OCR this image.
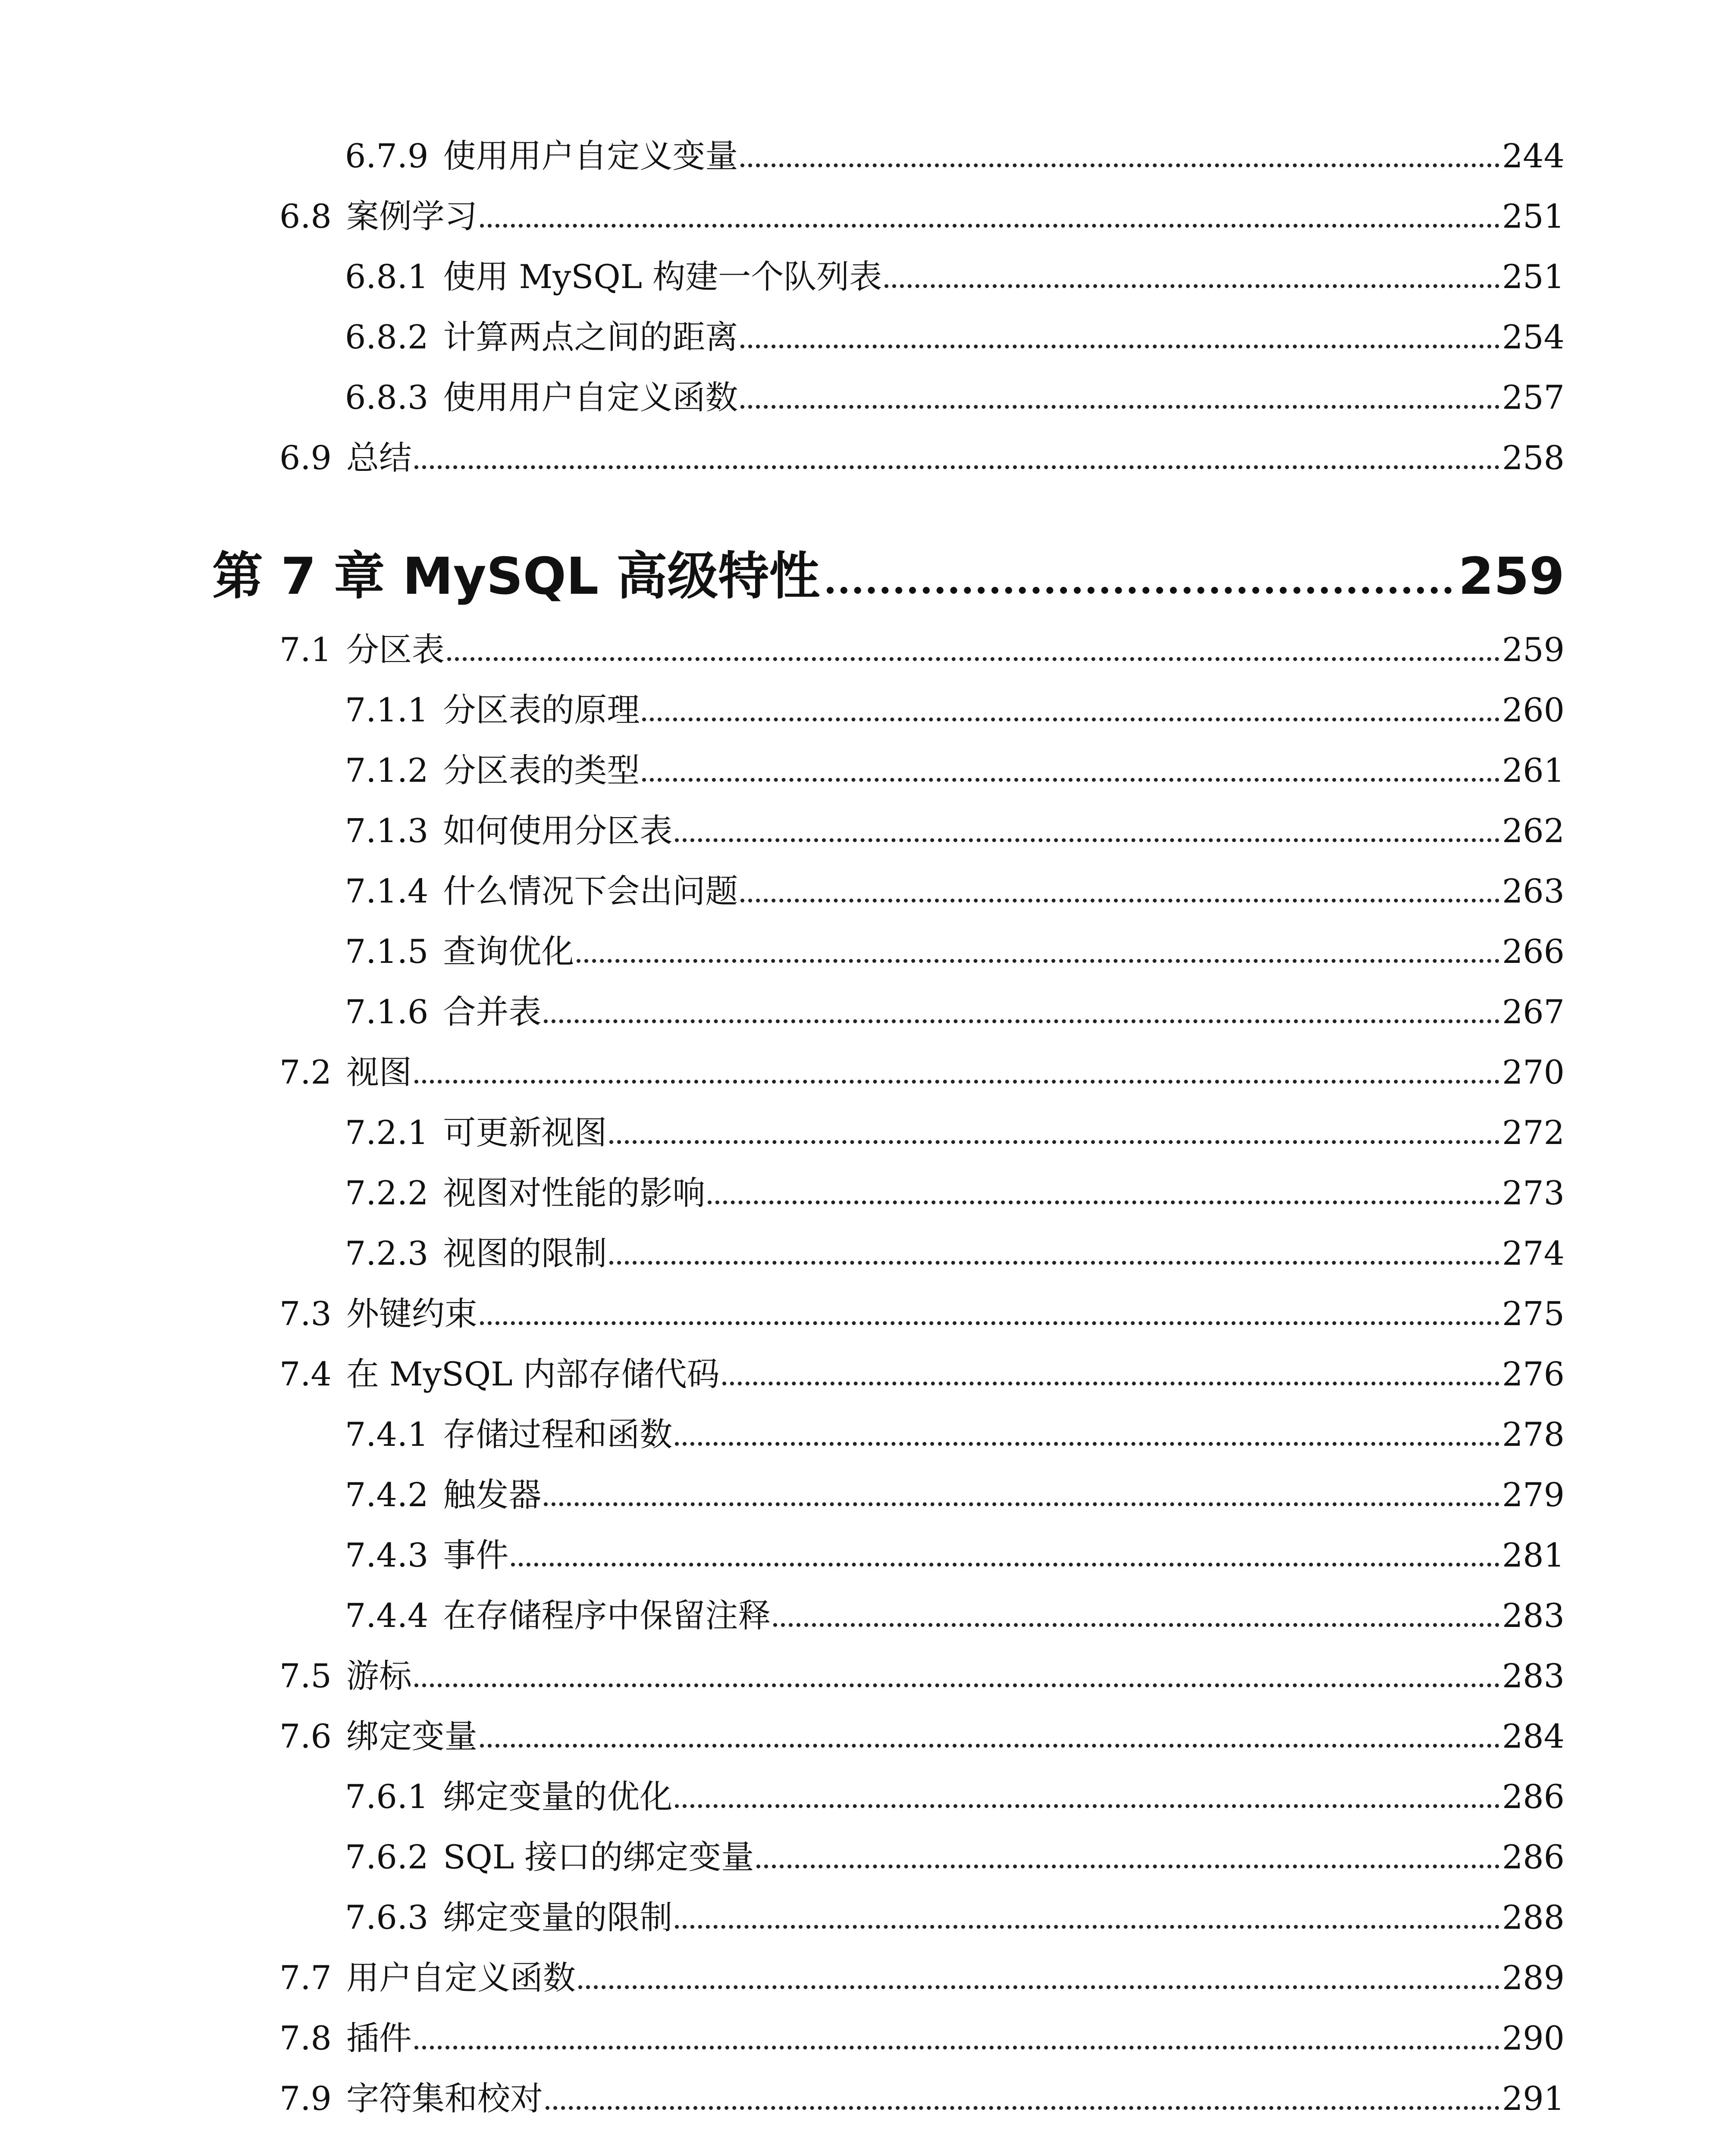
6.7.9 使用用户自定义变量	244
6.8 案例学习	251
6.8.1 使用 MySQL 构建一个队列表	251
6.8.2 计算两点之间的距离	254
6.8.3 使用用户自定义函数	257
6.9 总结	258
第 7 章 MySQL 高级特性	259
7.1 分区表	259
7.1.1 分区表的原理	260
7.1.2 分区表的类型	261
7.1.3 如何使用分区表	262
7.1.4 什么情况下会出问题	263
7.1.5 查询优化	266
7.1.6 合并表	267
7.2 视图	270
7.2.1 可更新视图	272
7.2.2 视图对性能的影响	273
7.2.3 视图的限制	274
7.3 外键约束	275
7.4 在 MySQL 内部存储代码	276
7.4.1 存储过程和函数	278
7.4.2 触发器	279
7.4.3 事件	281
7.4.4 在存储程序中保留注释	283
7.5 游标	283
7.6 绑定变量	284
7.6.1 绑定变量的优化	286
7.6.2 SQL 接口的绑定变量	286
7.6.3 绑定变量的限制	288
7.7 用户自定义函数	289
7.8 插件	290
7.9 字符集和校对	291
